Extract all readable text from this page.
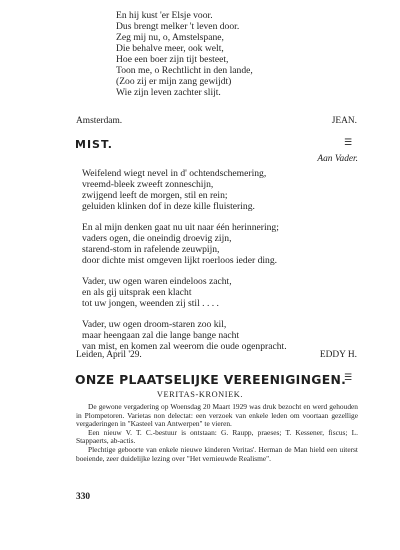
En hij kust 'er Elsje voor.
Dus brengt melker 't leven door.
Zeg mij nu, o, Amstelspane,
Die behalve meer, ook welt,
Hoe een boer zijn tijt besteet,
Toon me, o Rechtlicht in den lande,
(Zoo zij er mijn zang gewijdt)
Wie zijn leven zachter slijt.
Amsterdam.	JEAN.
MIST.	☰
Aan Vader.
Weifelend wiegt nevel in d' ochtendschemering,
vreemd-bleek zweeft zonneschijn,
zwijgend leeft de morgen, stil en rein;
geluiden klinken dof in deze kille fluistering.
En al mijn denken gaat nu uit naar één herinnering;
vaders ogen, die oneindig droevig zijn,
starend-stom in rafelende zeuwpijn,
door dichte mist omgeven lijkt roerloos ieder ding.
Vader, uw ogen waren eindeloos zacht,
en als gij uitsprak een klacht
tot uw jongen, weenden zij stil . . . .
Vader, uw ogen droom-staren zoo kil,
maar heengaan zal die lange bange nacht
van mist, en komen zal weerom die oude ogenpracht.
Leiden, April '29.	EDDY H.
ONZE PLAATSELIJKE VEREENIGINGEN.
☰
VERITAS-KRONIEK.

De gewone vergadering op Woensdag 20 Maart 1929 was druk bezocht en werd gehouden in Plompetoren. Varietas non delectat: een verzoek van enkele leden om voortaan gezellige vergaderingen in "Kasteel van Antwerpen" te vieren.

Een nieuw V. T. C.-bestuur is ontstaan: G. Raupp, praeses; T. Kessener, fiscus; L. Stappaerts, ab-actis.

Plechtige geboorte van enkele nieuwe kinderen Veritas'. Herman de Man hield een uiterst boeiende, zeer duidelijke lezing over "Het vernieuwde Realisme".

330
